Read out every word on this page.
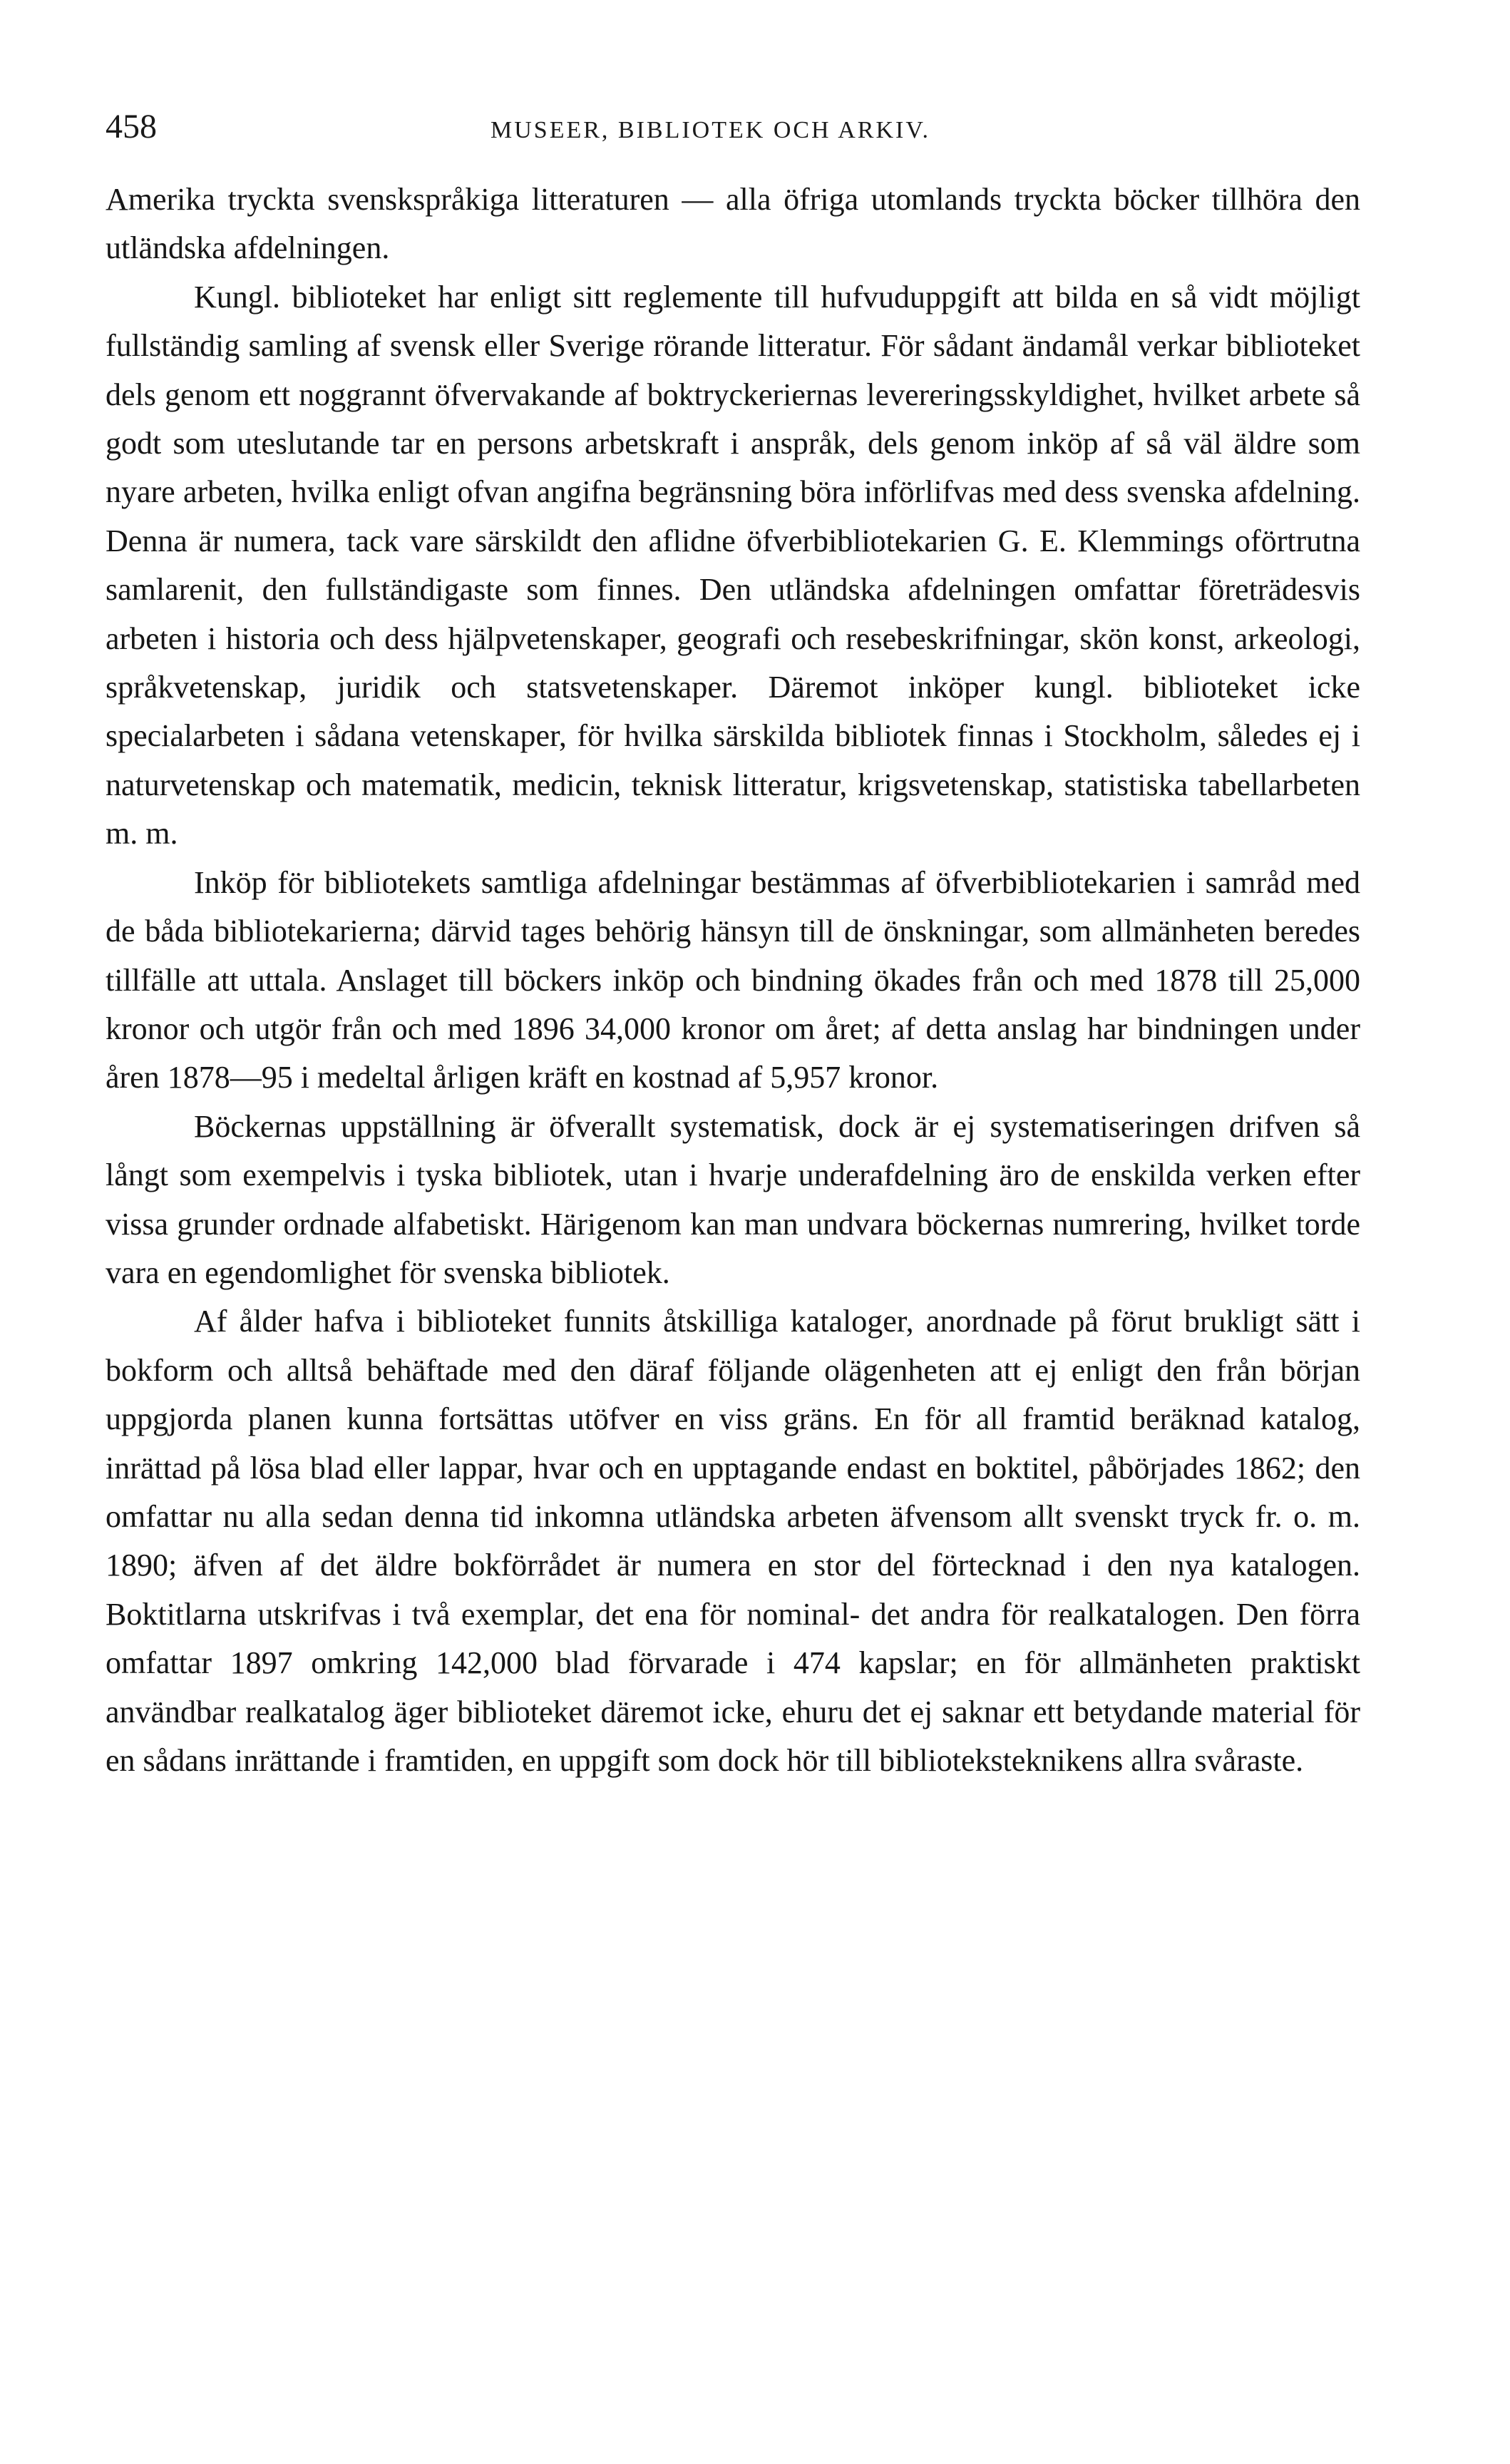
458	MUSEER, BIBLIOTEK OCH ARKIV.

Amerika tryckta svenskspråkiga litteraturen — alla öfriga utomlands tryckta böcker tillhöra den utländska afdelningen.

Kungl. biblioteket har enligt sitt reglemente till hufvuduppgift att bilda en så vidt möjligt fullständig samling af svensk eller Sverige rörande litteratur. För sådant ändamål verkar biblioteket dels genom ett noggrannt öfvervakande af boktryckeriernas levereringsskyldighet, hvilket arbete så godt som uteslutande tar en persons arbetskraft i anspråk, dels genom inköp af så väl äldre som nyare arbeten, hvilka enligt ofvan angifna begränsning böra införlifvas med dess svenska afdelning. Denna är numera, tack vare särskildt den aflidne öfverbibliotekarien G. E. Klemmings oförtrutna samlarenit, den fullständigaste som finnes. Den utländska afdelningen omfattar företrädesvis arbeten i historia och dess hjälpvetenskaper, geografi och resebeskrifningar, skön konst, arkeologi, språkvetenskap, juridik och statsvetenskaper. Däremot inköper kungl. biblioteket icke specialarbeten i sådana vetenskaper, för hvilka särskilda bibliotek finnas i Stockholm, således ej i naturvetenskap och matematik, medicin, teknisk litteratur, krigsvetenskap, statistiska tabellarbeten m. m.

Inköp för bibliotekets samtliga afdelningar bestämmas af öfverbibliotekarien i samråd med de båda bibliotekarierna; därvid tages behörig hänsyn till de önskningar, som allmänheten beredes tillfälle att uttala. Anslaget till böckers inköp och bindning ökades från och med 1878 till 25,000 kronor och utgör från och med 1896 34,000 kronor om året; af detta anslag har bindningen under åren 1878—95 i medeltal årligen kräft en kostnad af 5,957 kronor.

Böckernas uppställning är öfverallt systematisk, dock är ej systematiseringen drifven så långt som exempelvis i tyska bibliotek, utan i hvarje underafdelning äro de enskilda verken efter vissa grunder ordnade alfabetiskt. Härigenom kan man undvara böckernas numrering, hvilket torde vara en egendomlighet för svenska bibliotek.

Af ålder hafva i biblioteket funnits åtskilliga kataloger, anordnade på förut brukligt sätt i bokform och alltså behäftade med den däraf följande olägenheten att ej enligt den från början uppgjorda planen kunna fortsättas utöfver en viss gräns. En för all framtid beräknad katalog, inrättad på lösa blad eller lappar, hvar och en upptagande endast en boktitel, påbörjades 1862; den omfattar nu alla sedan denna tid inkomna utländska arbeten äfvensom allt svenskt tryck fr. o. m. 1890; äfven af det äldre bokförrådet är numera en stor del förtecknad i den nya katalogen. Boktitlarna utskrifvas i två exemplar, det ena för nominal- det andra för realkatalogen. Den förra omfattar 1897 omkring 142,000 blad förvarade i 474 kapslar; en för allmänheten praktiskt användbar realkatalog äger biblioteket däremot icke, ehuru det ej saknar ett betydande material för en sådans inrättande i framtiden, en uppgift som dock hör till biblioteksteknikens allra svåraste.
